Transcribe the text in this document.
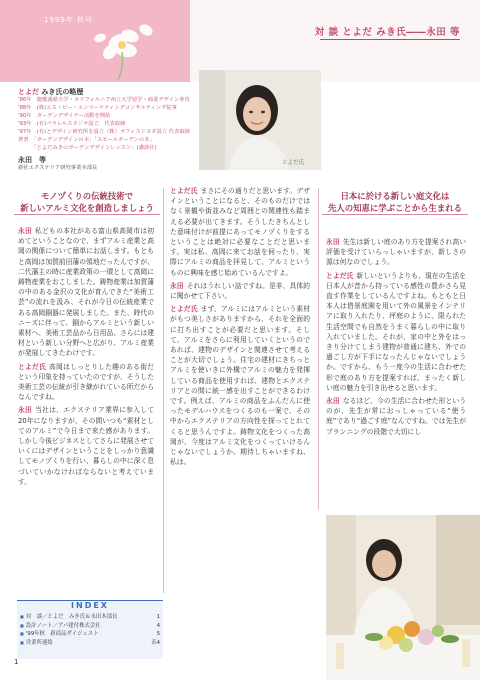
1999年 秋号
対 談 とよだ みき氏――永田 等
とよだ みき氏の略歴
'86年　慶應義塾大学・カリフォルニア州立大学留学・商業デザイン専攻
'88年　(株)エス・ピー・エンマーケティングコンサルティング従事
'90年　ガーデンデザイナー活動を開始
'93年　(有)パラレルスタジオ設立　代表取締
'97年　(有)とデザイン研究所を設立（株）オフィスドヨダ設立 代表取締
著書　「ガーデンデザインの本」「スモールガーデンの本」
　　　「とよだみきのガーデンデザインレッスン」(講談社)
永田　等
新社エクステリア研究事業本部長
とよだ氏
モノヅくりの伝統技術で
新しいアルミ文化を創造しましょう

永田 私どもの本社がある富山県高岡市は初めてということなので、まずアルミ産業と高岡の関係について簡単にお話します。もともと高岡は加賀前田藩の領地だったんですが、二代藩主の時に産業政策の一環として高岡に鋳物産業をおこしました。鋳物産業は加賀藩の中のある金沢の文化が育んできた“美術工芸”の流れを汲み、それが今日の伝統産業である高岡銅器に発展しました。また、時代のニーズに伴って、銅からアルミという新しい素材へ、美術工芸品から日用品、さらには建材という新しい分野へと広がり、アルミ産業が発展してきたわけです。

とよだ氏 高岡はしっとりした趣のある街だという印象を持っていたのですが、そうした美術工芸の伝統が引き継がれている所だからなんですね。

永田 当社は、エクステリア業界に参入して20年になりますが、その間いつも“素材としてのアルミ”で今日まで来た感があります。しかし今後ビジネスとしてさらに発展させていくにはデザインということをしっかり意識してモノヅくりを行い、暮らしの中に深く息づいていかなければならないと考えています。

とよだ氏 まさにその通りだと思います。デザインということになると、そのものだけではなく景観や街並みなど周囲との関連性も踏まえる必要が出てきます。そうしたきちんとした意味付けが前提にあってモノヅくりをするということは絶対に必要なことだと思います。実は私、高岡に来てお話を伺ったり、実際にアルミの商品を拝見して、アルミというものに興味を感じ始めているんですよ。

永田 それはうれしい話ですね。是非、具体的に聞かせて下さい。

とよだ氏 まず、アルミにはアルミという素材がもつ美しさがありますから、それを全面的に打ち出すことが必要だと思います。そして、アルミをさらに利用していくというのであれば、建物のデザインと関連させて考えることが大切でしょう。住宅の建材にきちっとアルミを使いきに外構でアルミの魅力を発揮している商品を使用すれば、建物とエクステリアとの間に統一感を出すことができるわけです。例えば、アルミの商品をふんだんに使ったモデルハウスをつくるのも一案で、その中からエクステリアの方向性を探ってとれてくると思うんですよ。鋳物文化をつくった高岡が、今度はアルミ文化をつくっていけるんじゃないでしょうか。期待しちゃいますね、私は。

日本に於ける新しい庭文化は
先人の知恵に学ぶことから生まれる

永田 先生は新しい庭のあり方を提案され高い評価を受けていらっしゃいますが、新しさの源は何なのでしょう。

とよだ氏 新しいというよりも、現在の生活を日本人が昔から持っている感性の豊かさら見直す作業をしているんですよね。もともと日本人は借景庭園を用いて外の風景をインテリアに取り入れたり、坪庭のように、限られた生活空間でも自然をうまく暮らしの中に取り入れていました。それが、家の中と外をはっきり分けてしまう建物が普通に建ち、外での過ごし方が下手になったんじゃないでしょうか。ですから、もう一度今の生活に合わせた形で庭のあり方を提案すれば、まったく新しい庭の魅力を引き出せると思います。

永田 なるほど、今の生活に合わせた形というのが、先生が常におっしゃっている“使う庭”であり“過ごす庭”なんですね。では先生がプランニングの段階で大切にし

INDEX
■ 対　談／とよだ　みき氏＆永田本部長	1
■ 設計ノート／アパ建付株式会社	4
■ '99年秋　新商品ダイジェスト	5
■ 営業所連絡	表4
1
